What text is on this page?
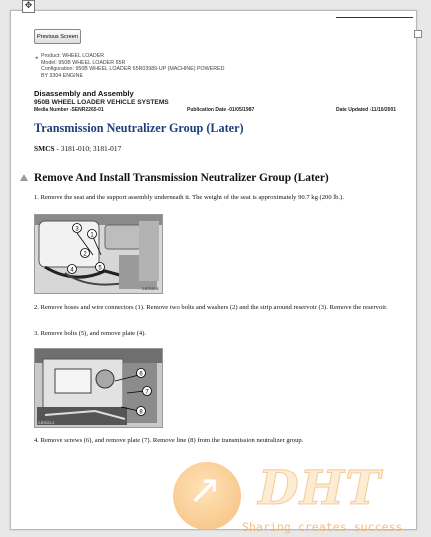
✥
Previous Screen
◂ Product: WHEEL LOADER
Model: 950B WHEEL LOADER 65R
Configuration: 950B WHEEL LOADER 65R03989-UP (MACHINE) POWERED
BY 3304 ENGINE
Disassembly and Assembly
950B WHEEL LOADER VEHICLE SYSTEMS
Media Number -SENR2265-01	Publication Date -01/05/1987	Date Updated -11/10/2001
Transmission Neutralizer Group (Later)
SMCS - 3181-010; 3181-017
Remove And Install Transmission Neutralizer Group (Later)
1. Remove the seat and the support assembly underneath it. The weight of the seat is approximately 90.7 kg (200 lb.).
3
1
2
4	5
2-B7020-9
2. Remove hoses and wire connectors (1). Remove two bolts and washers (2) and the strip around reservoir (3). Remove the reservoir.
3. Remove bolts (5), and remove plate (4).
6
7
8
2-B7021-2
4. Remove screws (6), and remove plate (7). Remove line (8) from the transmission neutralizer group.
↗ DHT
Sharing creates success
